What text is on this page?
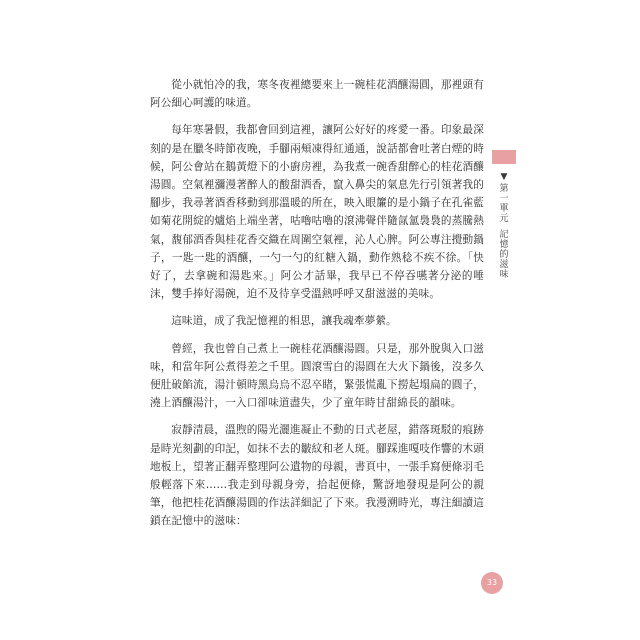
從小就怕冷的我，寒冬夜裡總要來上一碗桂花酒釀湯圓，那裡頭有阿公細心呵護的味道。

每年寒暑假，我都會回到這裡，讓阿公好好的疼愛一番。印象最深刻的是在臘冬時節夜晚，手腳兩頰凍得紅通通，說話都會吐著白煙的時候，阿公會站在鵝黃燈下的小廚房裡，為我煮一碗香甜醉心的桂花酒釀湯圓。空氣裡瀰漫著醉人的酸甜酒香，竄入鼻尖的氣息先行引領著我的腳步，我尋著酒香移動到那溫暖的所在，映入眼簾的是小鍋子在孔雀藍如菊花開綻的爐焰上端坐著，咕嚕咕嚕的滾沸聲伴隨氤氳裊裊的蒸騰熱氣，馥郁酒香與桂花香交織在周圍空氣裡，沁人心脾。阿公專注攪動鍋子，一匙一匙的酒釀，一勺一勺的紅糖入鍋，動作熟稔不疾不徐。「快好了，去拿碗和湯匙來。」阿公才話畢，我早已不停吞嚥著分泌的唾沫，雙手捧好湯碗，迫不及待享受溫熱呼呼又甜滋滋的美味。

這味道，成了我記憶裡的相思，讓我魂牽夢縈。

曾經，我也曾自己煮上一碗桂花酒釀湯圓。只是，那外脫與入口滋味，和當年阿公煮得差之千里。圓滾雪白的湯圓在大火下鍋後，沒多久便肚破餡流，湯汁頓時黑烏烏不忍卒睹，緊張慌亂下撈起塌扁的圓子，澆上酒釀湯汁，一入口卻味道盡失，少了童年時甘甜綿長的韻味。

寂靜清晨，溫煦的陽光灑進凝止不動的日式老屋，錯落斑駁的痕跡是時光刻劃的印記，如抹不去的皺紋和老人斑。腳踩進嘎吱作響的木頭地板上，望著正翻弄整理阿公遺物的母親，書頁中，一張手寫便條羽毛般輕落下來……我走到母親身旁，拾起便條，驚訝地發現是阿公的親筆，他把桂花酒釀湯圓的作法詳細記了下來。我漫溯時光，專注細讀這鎖在記憶中的滋味：

▼
第一單元
記憶的滋味
33
